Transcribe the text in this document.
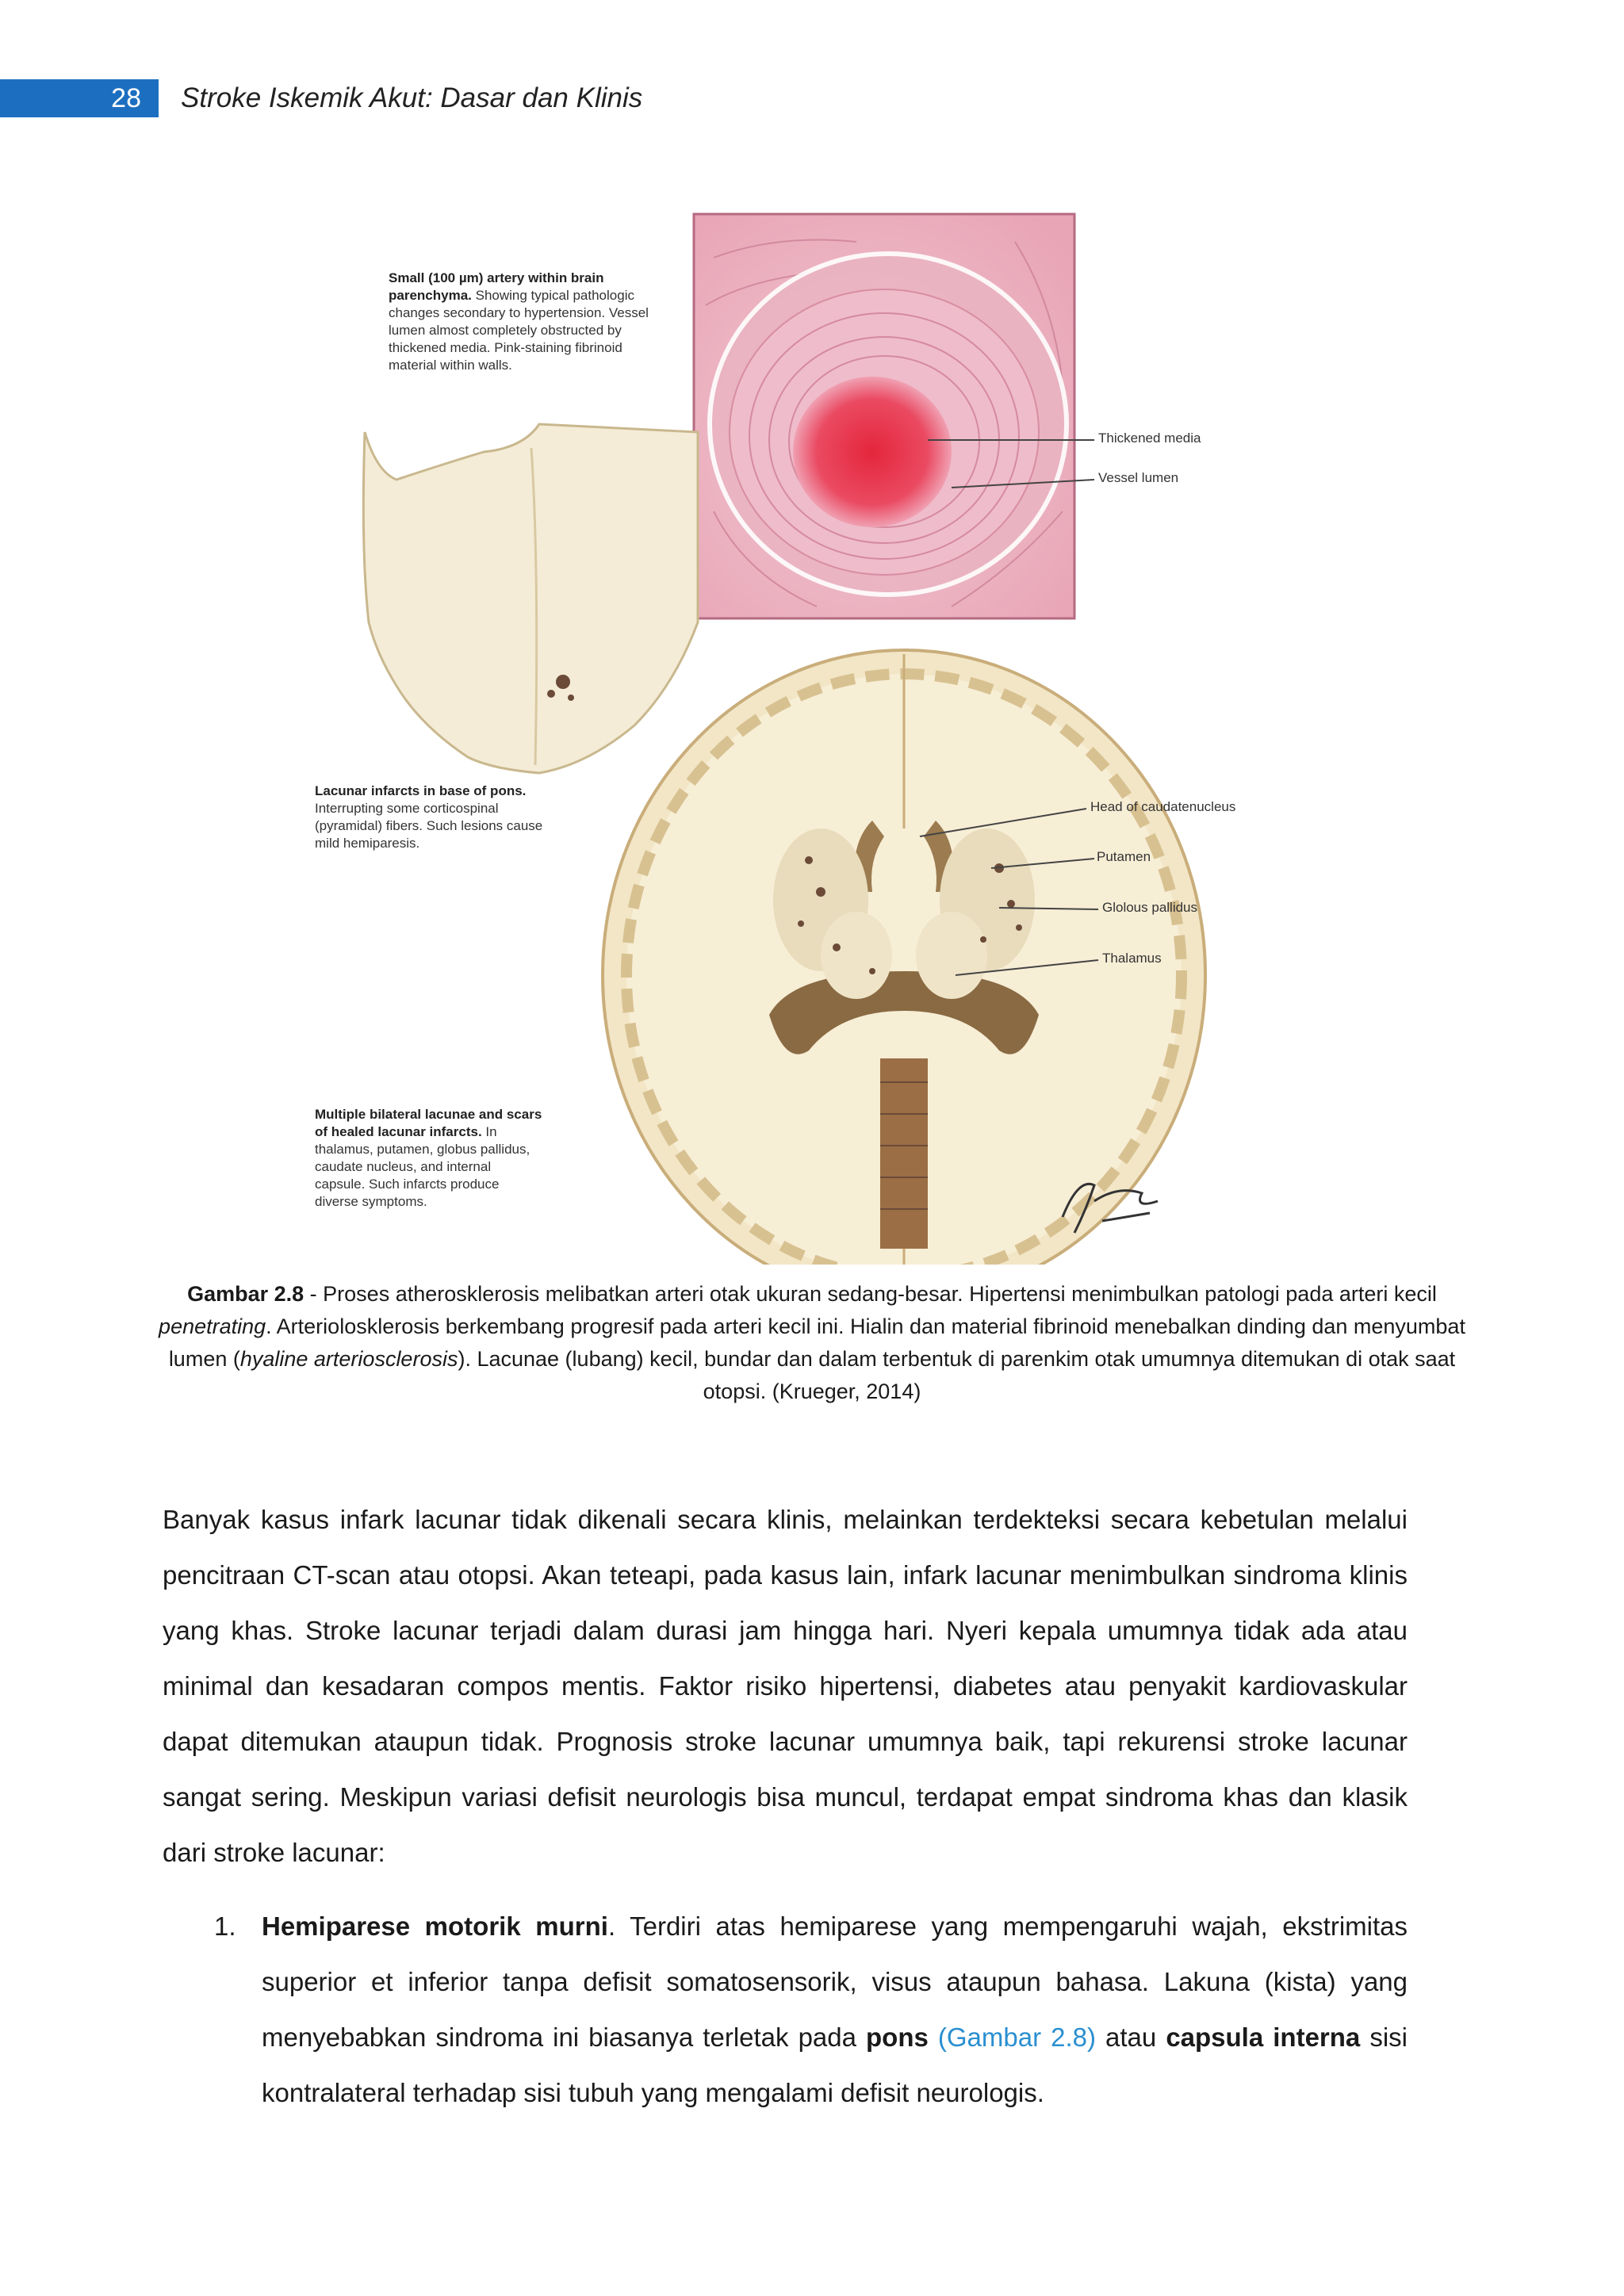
28	Stroke Iskemik Akut: Dasar dan Klinis
Small (100 µm) artery within brain parenchyma. Showing typical pathologic changes secondary to hypertension. Vessel lumen almost completely obstructed by thickened media. Pink-staining fibrinoid material within walls.
Lacunar infarcts in base of pons. Interrupting some corticospinal (pyramidal) fibers. Such lesions cause mild hemiparesis.
Multiple bilateral lacunae and scars of healed lacunar infarcts. In thalamus, putamen, globus pallidus, caudate nucleus, and internal capsule. Such infarcts produce diverse symptoms.
Thickened media
Vessel lumen
Head of caudatenucleus
Putamen
Glolous pallidus
Thalamus
Gambar 2.8 - Proses atherosklerosis melibatkan arteri otak ukuran sedang-besar. Hipertensi menimbulkan patologi pada arteri kecil penetrating. Arteriolosklerosis berkembang progresif pada arteri kecil ini. Hialin dan material fibrinoid menebalkan dinding dan menyumbat lumen (hyaline arteriosclerosis). Lacunae (lubang) kecil, bundar dan dalam terbentuk di parenkim otak umumnya ditemukan di otak saat otopsi. (Krueger, 2014)
Banyak kasus infark lacunar tidak dikenali secara klinis, melainkan terdekteksi secara kebetulan melalui pencitraan CT-scan atau otopsi. Akan teteapi, pada kasus lain, infark lacunar menimbulkan sindroma klinis yang khas. Stroke lacunar terjadi dalam durasi jam hingga hari. Nyeri kepala umumnya tidak ada atau minimal dan kesadaran compos mentis. Faktor risiko hipertensi, diabetes atau penyakit kardiovaskular dapat ditemukan ataupun tidak. Prognosis stroke lacunar umumnya baik, tapi rekurensi stroke lacunar sangat sering. Meskipun variasi defisit neurologis bisa muncul, terdapat empat sindroma khas dan klasik dari stroke lacunar:
1. Hemiparese motorik murni. Terdiri atas hemiparese yang mempengaruhi wajah, ekstrimitas superior et inferior tanpa defisit somatosensorik, visus ataupun bahasa. Lakuna (kista) yang menyebabkan sindroma ini biasanya terletak pada pons (Gambar 2.8) atau capsula interna sisi kontralateral terhadap sisi tubuh yang mengalami defisit neurologis.
